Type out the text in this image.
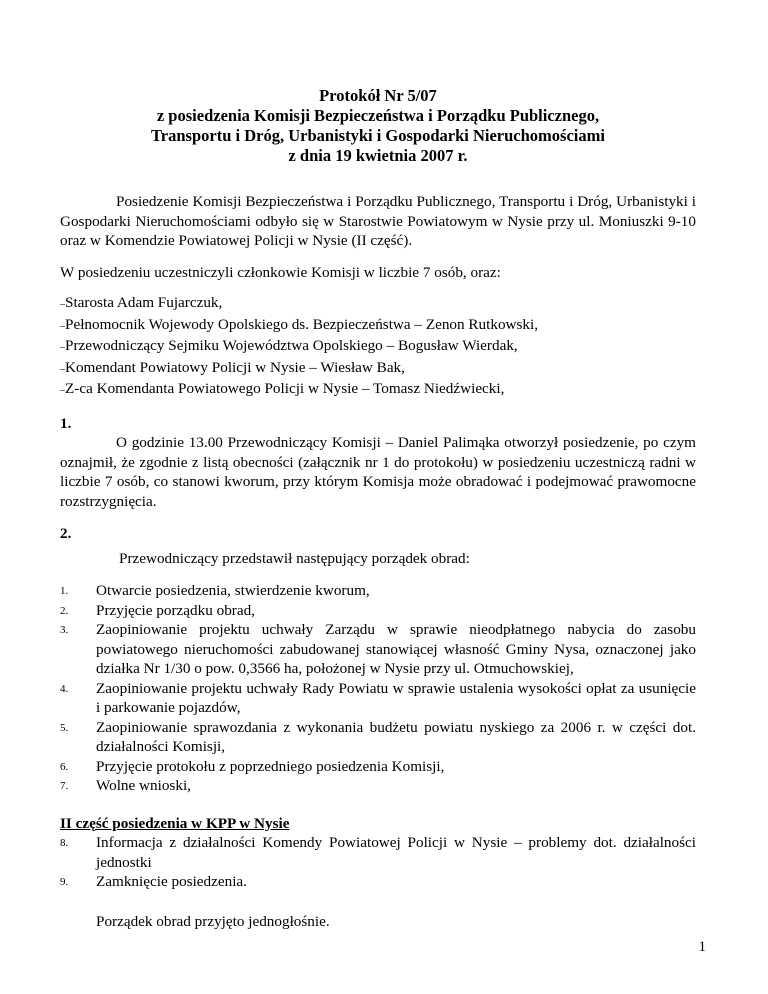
Protokół Nr 5/07
z posiedzenia Komisji Bezpieczeństwa i Porządku Publicznego,
Transportu i Dróg, Urbanistyki i Gospodarki Nieruchomościami
z dnia 19 kwietnia 2007 r.

Posiedzenie Komisji Bezpieczeństwa i Porządku Publicznego, Transportu i Dróg, Urbanistyki i Gospodarki Nieruchomościami odbyło się w Starostwie Powiatowym w Nysie przy ul. Moniuszki 9-10 oraz w Komendzie Powiatowej Policji w Nysie (II część).

W posiedzeniu uczestniczyli członkowie Komisji w liczbie 7 osób, oraz:

–Starosta Adam Fujarczuk,
–Pełnomocnik Wojewody Opolskiego ds. Bezpieczeństwa – Zenon Rutkowski,
–Przewodniczący Sejmiku Województwa Opolskiego – Bogusław Wierdak,
–Komendant Powiatowy Policji w Nysie – Wiesław Bak,
–Z-ca Komendanta Powiatowego Policji w Nysie – Tomasz Niedźwiecki,
1.

O godzinie 13.00 Przewodniczący Komisji – Daniel Palimąka otworzył posiedzenie, po czym oznajmił, że zgodnie z listą obecności (załącznik nr 1 do protokołu) w posiedzeniu uczestniczą radni w liczbie 7 osób, co stanowi kworum, przy którym Komisja może obradować i podejmować prawomocne rozstrzygnięcia.

2.

Przewodniczący przedstawił następujący porządek obrad:

1. Otwarcie posiedzenia, stwierdzenie kworum,
2. Przyjęcie porządku obrad,
3. Zaopiniowanie projektu uchwały Zarządu w sprawie nieodpłatnego nabycia do zasobu powiatowego nieruchomości zabudowanej stanowiącej własność Gminy Nysa, oznaczonej jako działka Nr 1/30 o pow. 0,3566 ha, położonej w Nysie przy ul. Otmuchowskiej,
4. Zaopiniowanie projektu uchwały Rady Powiatu w sprawie ustalenia wysokości opłat za usunięcie i parkowanie pojazdów,
5. Zaopiniowanie sprawozdania z wykonania budżetu powiatu nyskiego za 2006 r. w części dot. działalności Komisji,
6. Przyjęcie protokołu z poprzedniego posiedzenia Komisji,
7. Wolne wnioski,
II część posiedzenia w KPP w Nysie
8. Informacja z działalności Komendy Powiatowej Policji w Nysie – problemy dot. działalności jednostki
9. Zamknięcie posiedzenia.

Porządek obrad przyjęto jednogłośnie.

1
